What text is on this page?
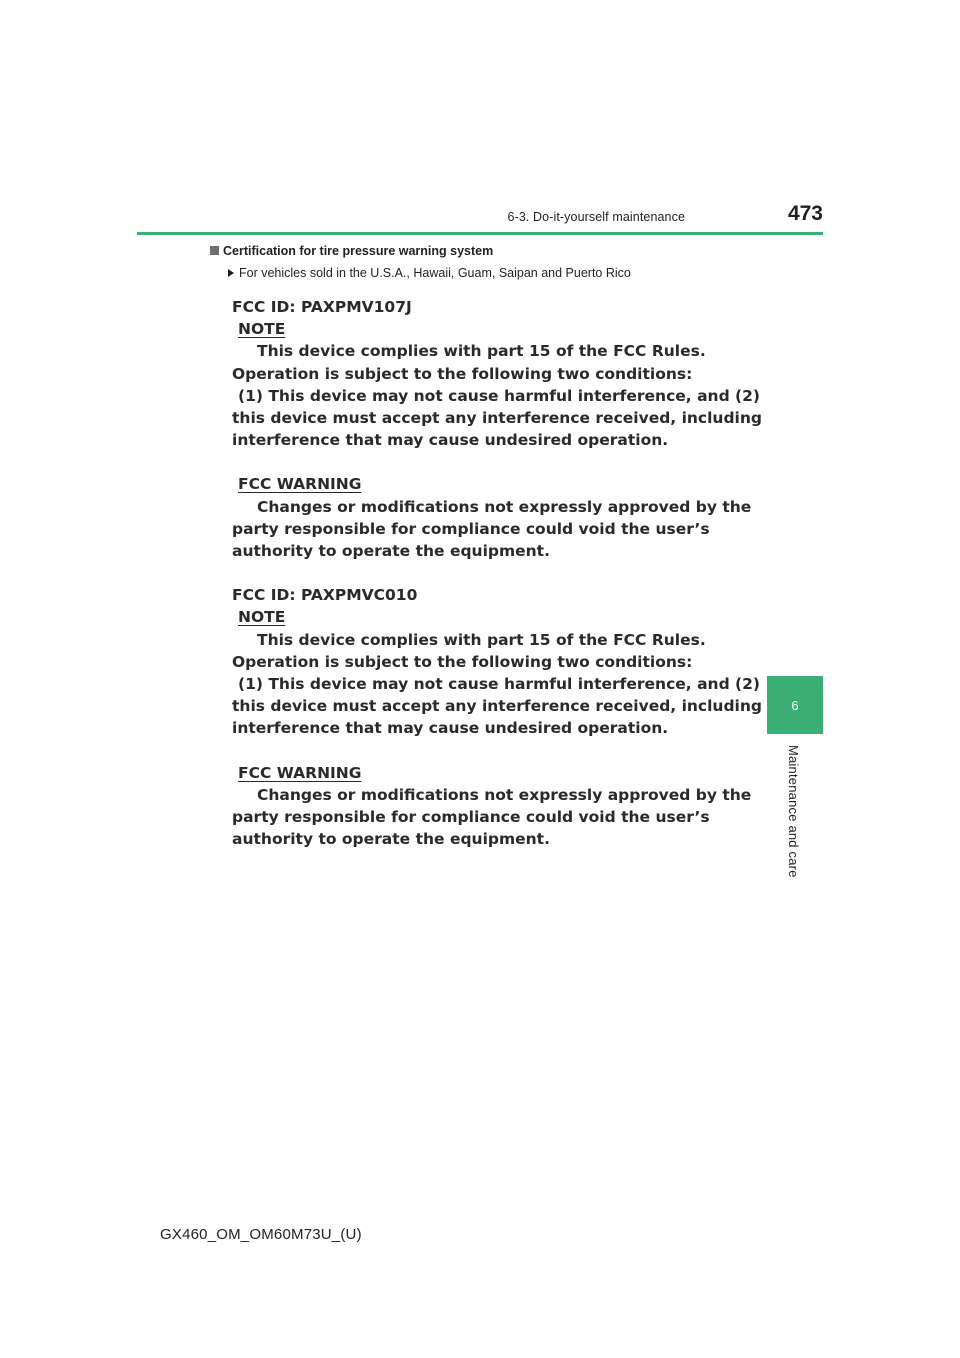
6-3. Do-it-yourself maintenance	473
6
Maintenance and care
Certification for tire pressure warning system
For vehicles sold in the U.S.A., Hawaii, Guam, Saipan and Puerto Rico

FCC ID: PAXPMV107J

NOTE

This device complies with part 15 of the FCC Rules.

Operation is subject to the following two conditions:

(1) This device may not cause harmful interference, and (2)

this device must accept any interference received, including

interference that may cause undesired operation.

FCC WARNING

Changes or modifications not expressly approved by the

party responsible for compliance could void the user’s

authority to operate the equipment.

FCC ID: PAXPMVC010

NOTE

This device complies with part 15 of the FCC Rules.

Operation is subject to the following two conditions:

(1) This device may not cause harmful interference, and (2)

this device must accept any interference received, including

interference that may cause undesired operation.

FCC WARNING

Changes or modifications not expressly approved by the

party responsible for compliance could void the user’s

authority to operate the equipment.

GX460_OM_OM60M73U_(U)
